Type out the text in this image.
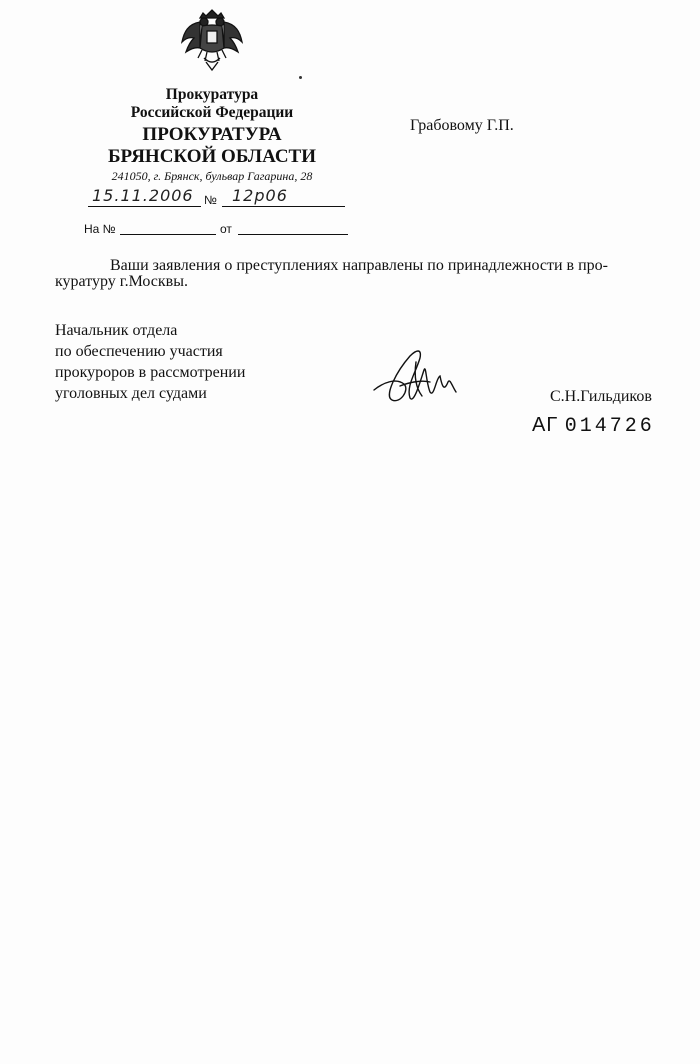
Прокуратура
Российской Федерации
ПРОКУРАТУРА
БРЯНСКОЙ ОБЛАСТИ
241050, г. Брянск, бульвар Гагарина, 28
15.11.2006 № 12р06
На №	от
Грабовому Г.П.
Ваши заявления о преступлениях направлены по принадлежности в про-
куратуру г.Москвы.
Начальник отдела
по обеспечению участия
прокуроров в рассмотрении
уголовных дел судами	С.Н.Гильдиков
АГ 014726
